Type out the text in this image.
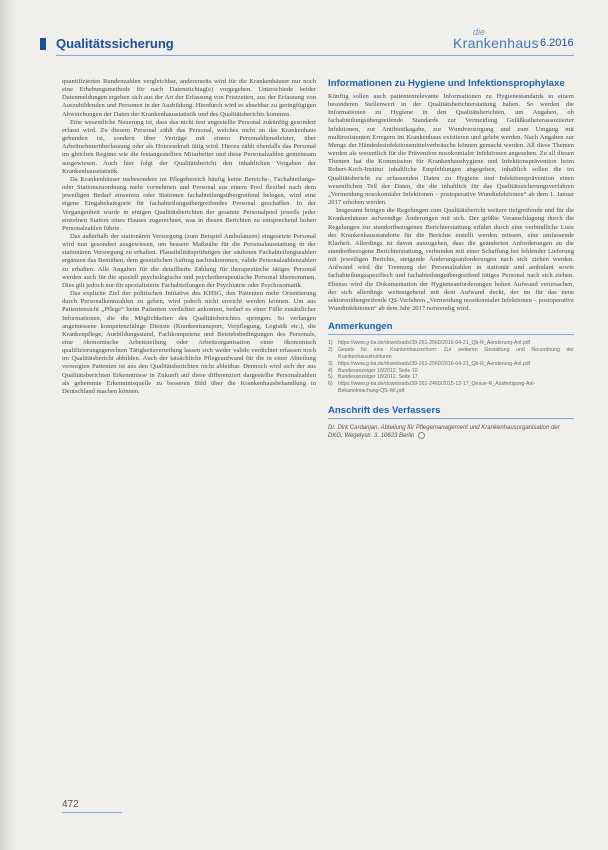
Qualitätssicherung
die
Krankenhaus 6.2016

quantifizierten Rundenzahlen vergleichbar, andererseits wird für die Krankenhäuser nur noch eine Erhebungsmethode für nach Datenstichtag(e) vorgegeben. Unterschiede beider Datenmeldungen ergeben sich aus der Art der Erfassung von Fristzeiten, aus der Erfassung von Auszubildenden und Personen in der Ausbildung. Hierdurch wird es absehbar zu geringfügigen Abweichungen der Daten der Krankenhausstatistik und des Qualitätsberichts kommen.

Eine wesentliche Neuerung ist, dass das nicht fest angestellte Personal zukünftig gesondert erfasst wird. Zu diesem Personal zählt das Personal, welches nicht an das Krankenhaus gebunden ist, sondern über Verträge mit einem Personaldienstleister, über Arbeitnehmerüberlassung oder als Honorarkraft tätig wird. Hierzu zählt ebenfalls das Personal im gleichen Regime wie die festangestellten Mitarbeiter und diese Personalzahlen gemeinsam ausgewiesen. Auch hier folgt der Qualitätsbericht den inhaltlichen Vorgaben der Krankenhausstatistik.

Da Krankenhäuser insbesondere im Pflegebereich häufig keine Bereichs-, Fachabteilungs- oder Stationszuordnung mehr vornehmen und Personal aus einem Pool flexibel nach dem jeweiligen Bedarf einsetzen oder Stationen fachabteilungsübergreifend belegen, wird eine eigene Eingabekategorie für fachabteilungsübergreifendes Personal geschaffen. In der Vergangenheit wurde in einigen Qualitätsberichten der gesamte Personalpool jeweils jeder einzelnen Station eines Hauses zugerechnet, was in diesen Berichten zu entsprechend hohen Personalzahlen führte.

Das außerhalb der stationären Versorgung (zum Beispiel Ambulanzen) eingesetzte Personal wird nun gesondert ausgewiesen, um bessere Maßstäbe für die Personalausstattung in der stationären Versorgung zu erhalten. Plausibilitätsprüfungen der säulenen Fachabteilungszahlen ergänzen das Bemühen, dem gesetzlichen Auftrag nachzukommen, valide Personalzahlenzahlen zu erhalten. Alle Angaben für die detaillierte Zählung für therapeutische tätiges Personal werden auch für die speziell psychologische und psychotherapeutische Personal übernommen. Dies gilt jedoch nur für spezialisierte Fachabteilungen der Psychiatrie oder Psychosomatik.

Das explizite Ziel der politischen Initiative des KHSG, den Patienten mehr Orientierung durch Personalkennzahlen zu geben, wird jedoch nicht erreicht werden können. Um aus Patientensicht „Pflege“ beim Patienten verdichtet ankommt, bedarf es einer Fülle zusätzlicher Informationen, die die Möglichkeiten des Qualitätsberichtes sprengen. So verlangen angemessene kompetenzfähige Dienste (Krankentransport, Verpflegung, Logistik etc.), die Krankenpflege, Ausbildungsstand, Fachkompetenz und Betriebsbedingungen des Personals, eine ökonomische Arbeitsteilung oder Arbeitsorganisation einer ökonomisch qualifizierungsgerechten Tätigkeitsverteilung lassen sich weder valide verdichtet erfassen noch im Qualitätsbericht abbilden. Auch der tatsächliche Pflegeaufwand für die in einer Abteilung versorgten Patienten ist aus den Qualitätsberichten nicht ableitbar. Dennoch wird sich der aus Qualitätsberichten Erkenntnisse in Zukunft auf diese differenziert dargestellte Personalzahlen als gehemmte Erkenntnisquelle zu besseren Bild über die Krankenhausbehandlung in Deutschland machen können.

Informationen zu Hygiene und Infektionsprophylaxe

Künftig sollen auch patientenrelevante Informationen zu Hygienestandards in einem besonderen Stellenwert in der Qualitätsberichterstattung haben. So werden die Informationen zu Hygiene in den Qualitätsberichten, um Angaben, ob fachabteilungsübergreifende Standards zur Vermeidung Gefäßkatheterassoziierter Infektionen, zur Antibiotikagabe, zur Wundversorgung und zum Umgang mit multiresistenten Erregern im Krankenhaus existieren und gelebt werden. Nach Angaben zur Menge der Händedesinfektionsmittelverbräuche können gemacht werden. All diese Themen werden als wesentlich für die Prävention nosokomialer Infektionen angesehen. Zu all diesen Themen hat die Kommission für Krankenhaushygiene und Infektionsprävention beim Robert-Koch-Institut inhaltliche Empfehlungen abgegeben, inhaltlich sollen die im Qualitätsbericht zu erfassenden Daten zu Hygiene und Infektionsprävention einen wesentlichen Teil der Daten, die die inhaltlich für das Qualitätssicherungsverfahren „Vermeidung nosokomialer Infektionen – postoperative Wundinfektionen“ ab dem 1. Januar 2017 erhoben werden.

Insgesamt bringen die Regelungen zum Qualitätsbericht weitere tiefgreifende und für die Krankenhäuser aufwendige Änderungen mit sich. Der größte Veranschlagung durch die Regelungen zur standortbezogenen Berichterstattung erfährt durch eine verbindliche Liste der Krankenhausstandorte für die Berichte erstellt werden müssen, eine umfassende Klarheit. Allerdings ist davon auszugehen, dass die geänderten Anforderungen an die standortbezogene Berichterstattung, verbunden mit einer Schaffung bei fehlender Lieferung mit jeweiligen Berichts, steigende Änderungsanforderungen nach sich ziehen werden. Aufwand wird die Trennung der Personalzahlen in stationär und ambulant sowie fachabteilungsspezifisch und fachabteilungsübergreifend tätiges Personal nach sich ziehen. Ebenso wird die Dokumentation der Hygieneanforderungen hohen Aufwand verursachen, der sich allerdings weitestgehend mit dem Aufwand deckt, der im für das neue sektorenübergreifende QS-Verfahren „Vermeidung nosokomialer Infektionen – postoperative Wundinfektionen“ ab dem Jahr 2017 notwendig wird.

Anmerkungen
1)	https://www.g-ba.de/downloads/39-261-2560/2016-04-21_Qb-R_Aenderung-Anl.pdf
2)	Gesetz für eine Krankenhausreform: Zur weiteren Gestaltung und Neuordnung der Krankenhausstrukturen
3)	https://www.g-ba.de/downloads/39-261-2560/2016-04-21_Qb-R_Aenderung-Anl.pdf
4)	Bundesanzeiger 18/2012, Seite 10
5)	Bundesanzeiger 18/2012, Seite 17
6)	https://www.g-ba.de/downloads/39-261-2460/2015-12-17_Qesue-R_Ausfertigung-Anl-Bekanntmachung-QS-WI.pdf
Anschrift des Verfassers
Dr. Dirk Cardanjan, Abteilung für Pflegemanagement und Krankenhausorganisation der DKG, Wegelystr. 3, 10623 Berlin
472
